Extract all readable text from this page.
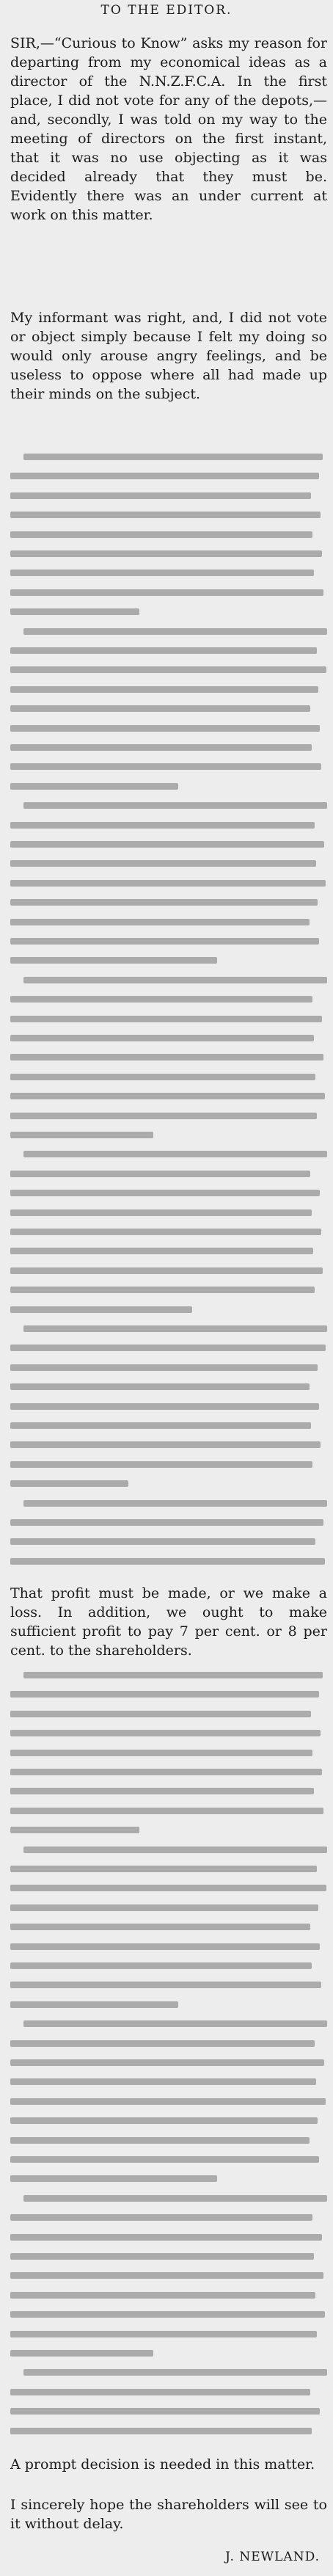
TO THE EDITOR.

SIR,—“Curious to Know” asks my reason for departing from my economical ideas as a director of the N.N.Z.F.C.A. In the first place, I did not vote for any of the depots,—and, secondly, I was told on my way to the meeting of directors on the first instant, that it was no use objecting as it was decided already that they must be. Evidently there was an under current at work on this matter.

My informant was right, and, I did not vote or object simply because I felt my doing so would only arouse angry feelings, and be useless to oppose where all had made up their minds on the subject.

That profit must be made, or we make a loss. In addition, we ought to make sufficient profit to pay 7 per cent. or 8 per cent. to the shareholders.

A prompt decision is needed in this matter.

I sincerely hope the shareholders will see to it without delay.

J. NEWLAND.
